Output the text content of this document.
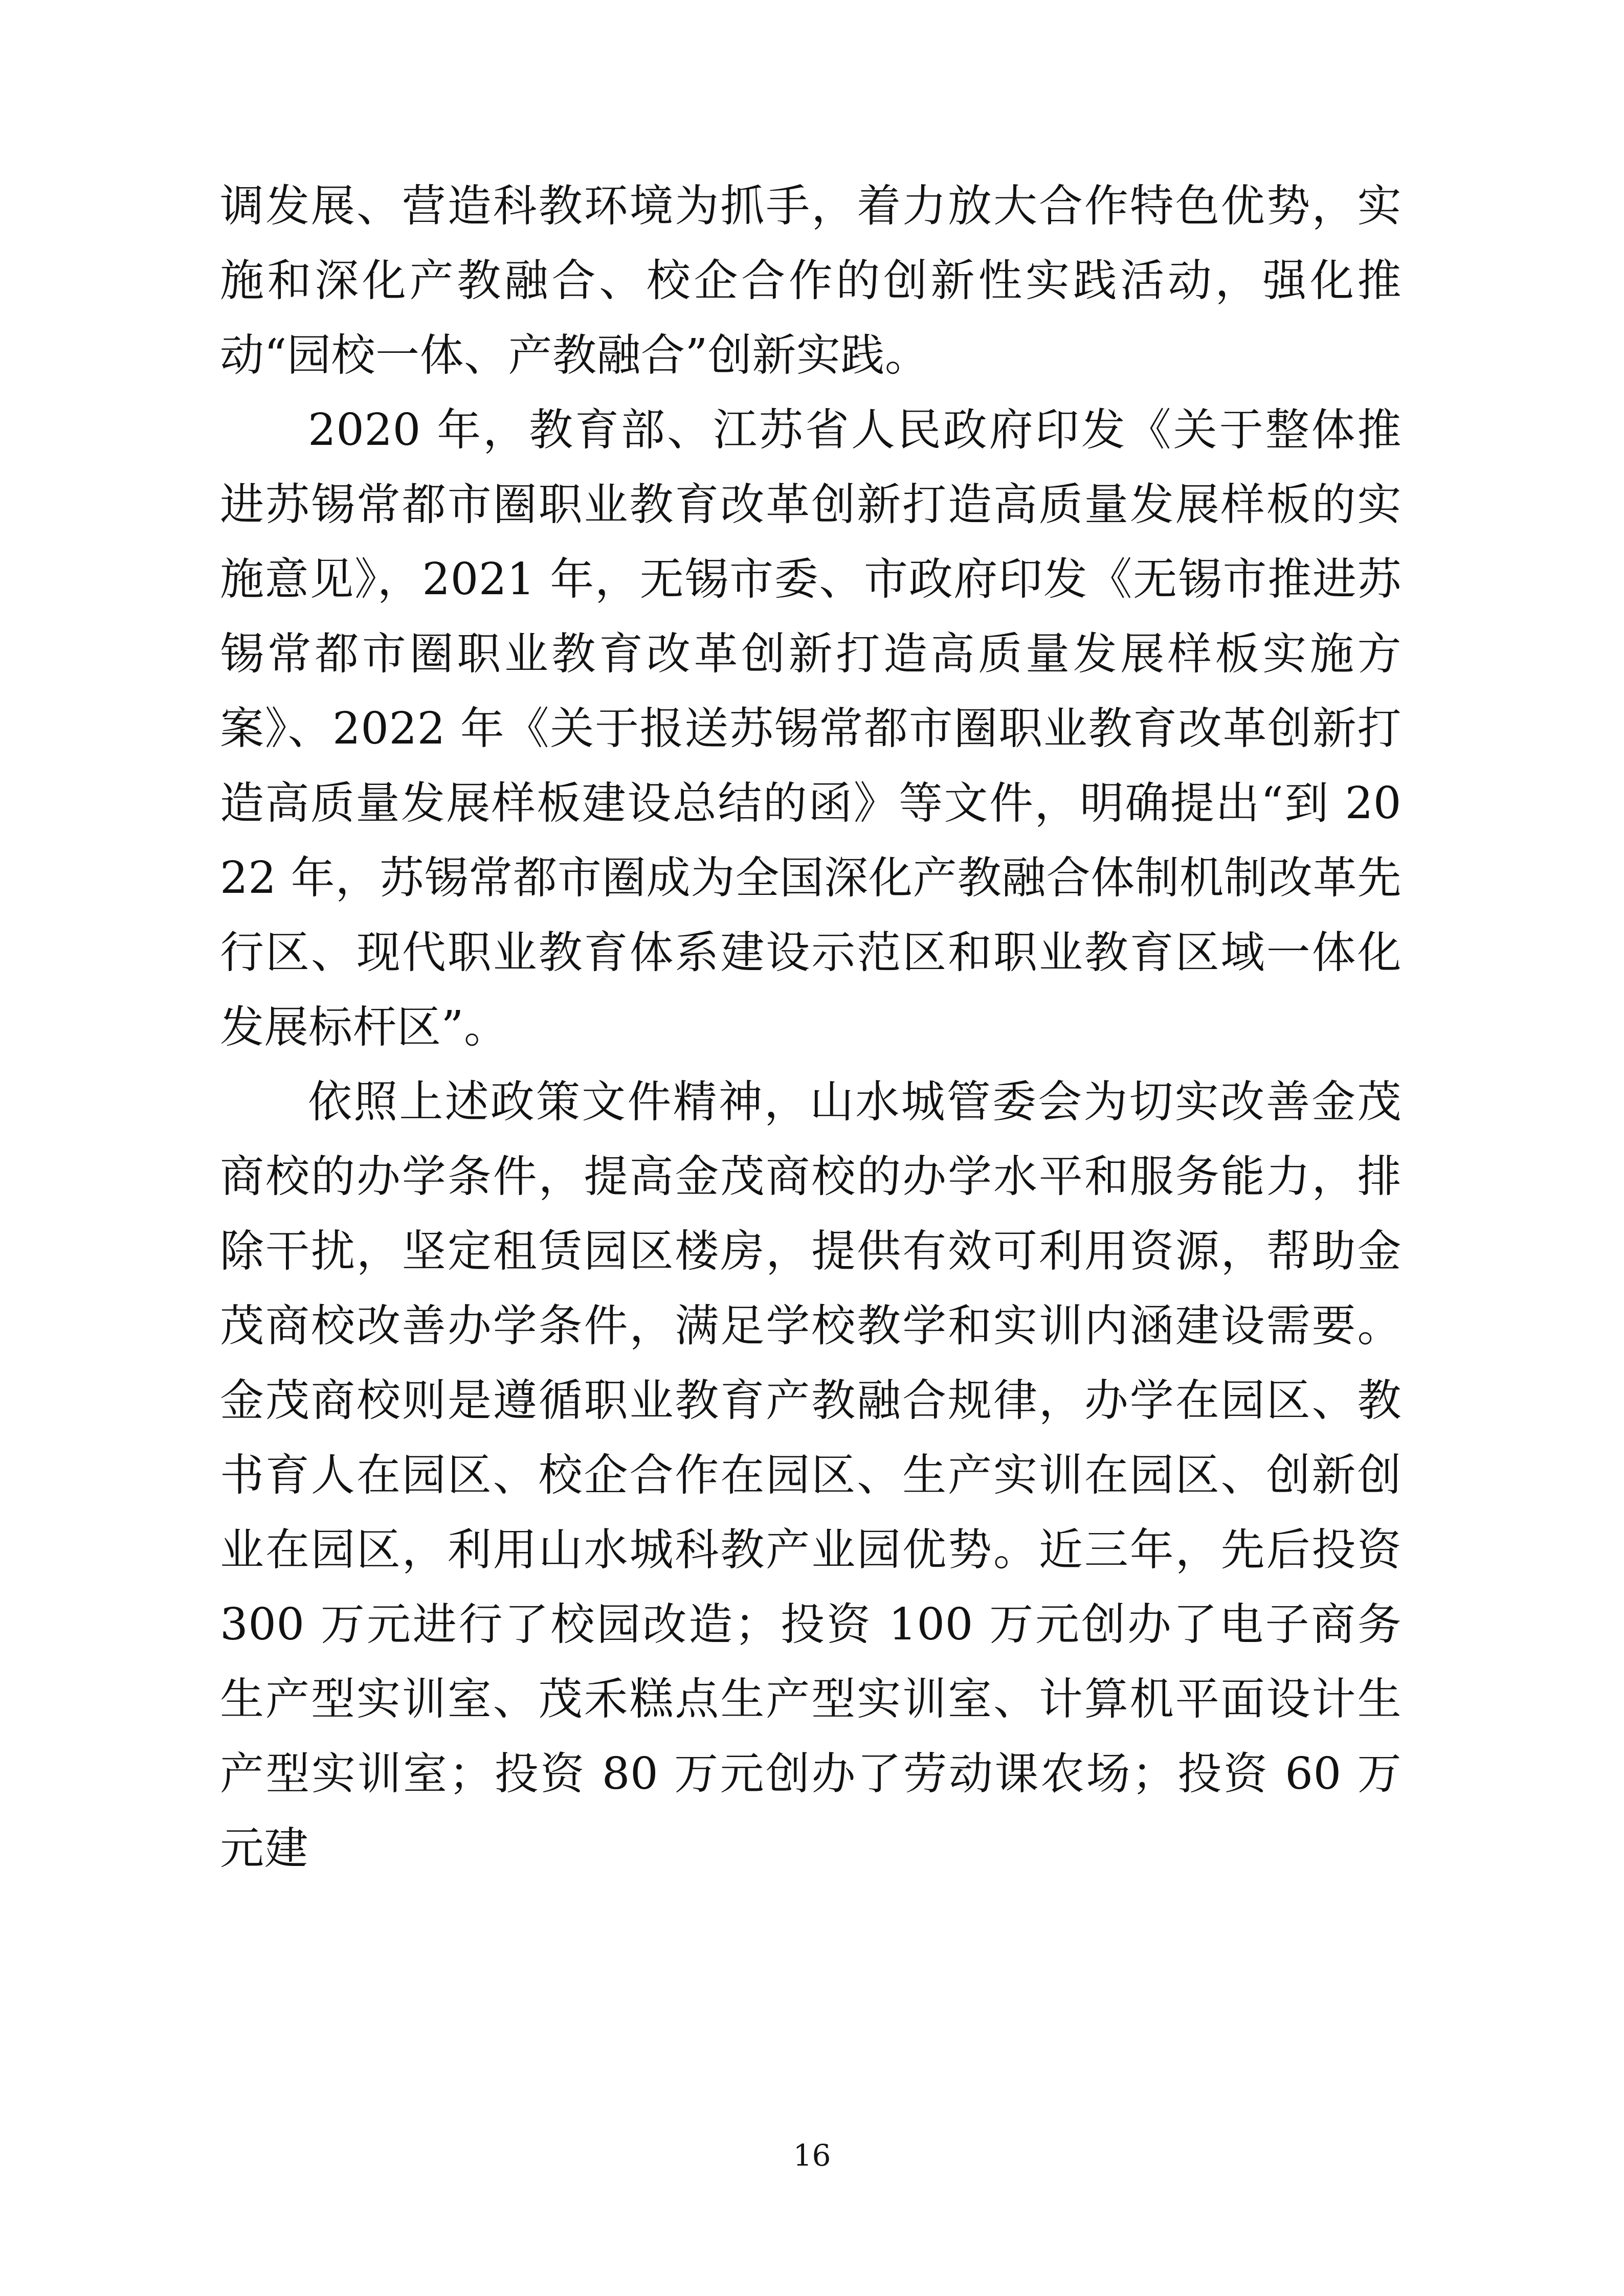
调发展、营造科教环境为抓手，着力放大合作特色优势，实施和深化产教融合、校企合作的创新性实践活动，强化推动“园校一体、产教融合”创新实践。

2020 年，教育部、江苏省人民政府印发《关于整体推进苏锡常都市圈职业教育改革创新打造高质量发展样板的实施意见》，2021 年，无锡市委、市政府印发《无锡市推进苏锡常都市圈职业教育改革创新打造高质量发展样板实施方案》、2022 年《关于报送苏锡常都市圈职业教育改革创新打造高质量发展样板建设总结的函》等文件，明确提出“到 2022 年，苏锡常都市圈成为全国深化产教融合体制机制改革先行区、现代职业教育体系建设示范区和职业教育区域一体化发展标杆区”。

依照上述政策文件精神，山水城管委会为切实改善金茂商校的办学条件，提高金茂商校的办学水平和服务能力，排除干扰，坚定租赁园区楼房，提供有效可利用资源，帮助金茂商校改善办学条件，满足学校教学和实训内涵建设需要。金茂商校则是遵循职业教育产教融合规律，办学在园区、教书育人在园区、校企合作在园区、生产实训在园区、创新创业在园区，利用山水城科教产业园优势。近三年，先后投资 300 万元进行了校园改造；投资 100 万元创办了电子商务生产型实训室、茂禾糕点生产型实训室、计算机平面设计生产型实训室；投资 80 万元创办了劳动课农场；投资 60 万元建

16
